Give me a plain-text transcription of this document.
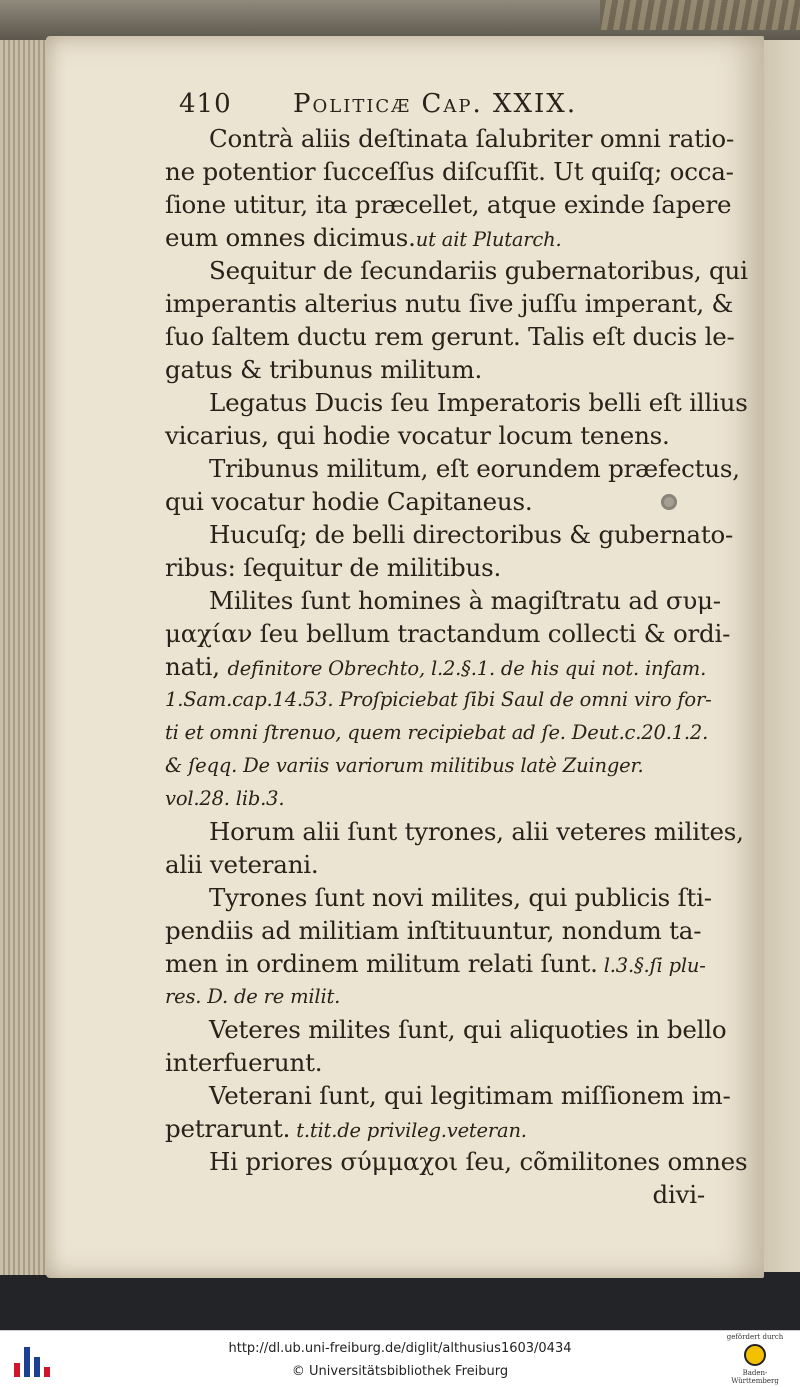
410 Politicæ Cap. XXIX.
Contrà aliis deſtinata ſalubriter omni ratio-
ne potentior ſucceſſus diſcuſſit. Ut quiſq; occa-
ſione utitur, ita præcellet, atque exinde ſapere
eum omnes dicimus.ut ait Plutarch.
Sequitur de ſecundariis gubernatoribus, qui
imperantis alterius nutu ſive juſſu imperant, &
ſuo ſaltem ductu rem gerunt. Talis eſt ducis le-
gatus & tribunus militum.
Legatus Ducis ſeu Imperatoris belli eſt illius
vicarius, qui hodie vocatur locum tenens.
Tribunus militum, eſt eorundem præfectus,
qui vocatur hodie Capitaneus.
Hucuſq; de belli directoribus & gubernato-
ribus: ſequitur de militibus.
Milites ſunt homines à magiſtratu ad συμ-
μαχίαν ſeu bellum tractandum collecti & ordi-
nati, definitore Obrechto, l.2.§.1. de his qui not. infam.
1.Sam.cap.14.53. Proſpiciebat ſibi Saul de omni viro for-
ti et omni ſtrenuo, quem recipiebat ad ſe. Deut.c.20.1.2.
& ſeqq. De variis variorum militibus latè Zuinger.
vol.28. lib.3.
Horum alii ſunt tyrones, alii veteres milites,
alii veterani.
Tyrones ſunt novi milites, qui publicis ſti-
pendiis ad militiam inſtituuntur, nondum ta-
men in ordinem militum relati ſunt. l.3.§.ſi plu-
res. D. de re milit.
Veteres milites ſunt, qui aliquoties in bello
interfuerunt.
Veterani ſunt, qui legitimam miſſionem im-
petrarunt. t.tit.de privileg.veteran.
Hi priores σύμμαχοι ſeu, cõmilitones omnes
divi-
http://dl.ub.uni-freiburg.de/diglit/althusius1603/0434
© Universitätsbibliothek Freiburg
gefördert durch
Baden-Württemberg
